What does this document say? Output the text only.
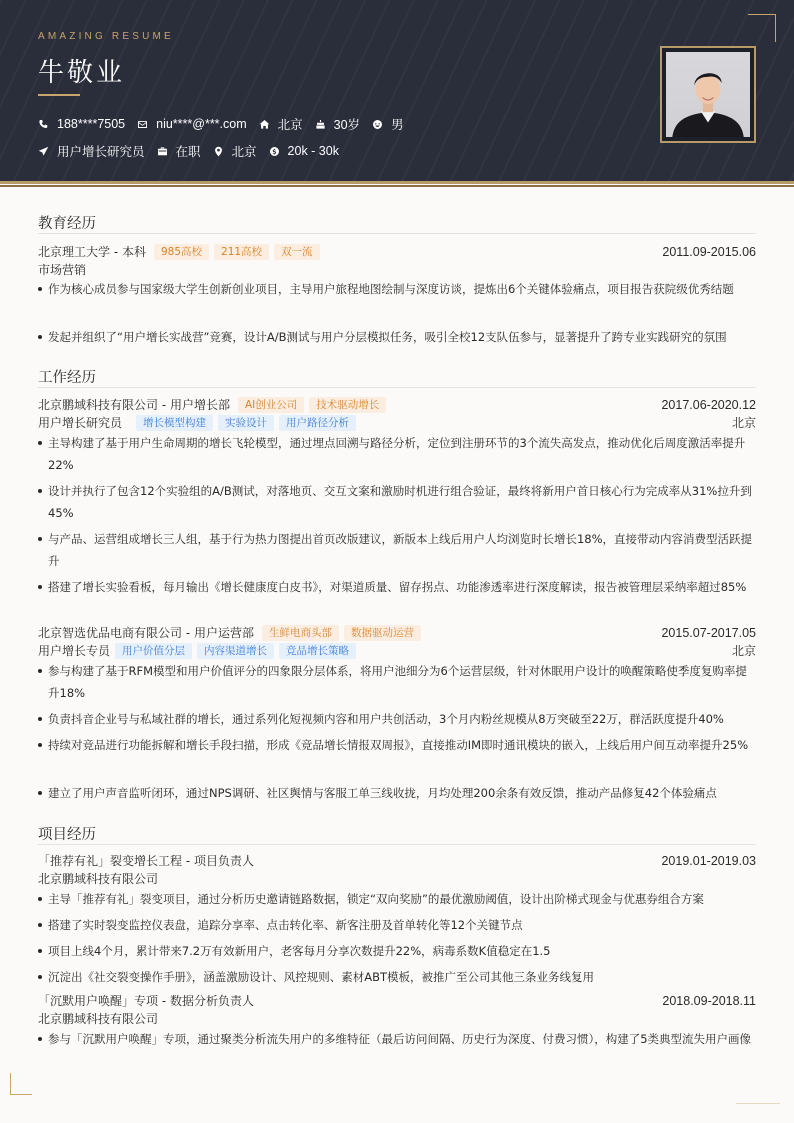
AMAZING RESUME
牛敬业
188****7505 niu****@***.com 北京 30岁 男
用户增长研究员 在职 北京 20k - 30k
教育经历
北京理工大学 - 本科	985高校	211高校	双一流	2011.09-2015.06
市场营销
作为核心成员参与国家级大学生创新创业项目，主导用户旅程地图绘制与深度访谈，提炼出6个关键体验痛点，项目报告获院级优秀结题
发起并组织了“用户增长实战营”竞赛，设计A/B测试与用户分层模拟任务，吸引全校12支队伍参与，显著提升了跨专业实践研究的氛围
工作经历
北京鹏域科技有限公司 - 用户增长部	AI创业公司	技术驱动增长	2017.06-2020.12
用户增长研究员	增长模型构建	实验设计	用户路径分析	北京
主导构建了基于用户生命周期的增长飞轮模型，通过埋点回溯与路径分析，定位到注册环节的3个流失高发点，推动优化后周度激活率提升22%
设计并执行了包含12个实验组的A/B测试，对落地页、交互文案和激励时机进行组合验证，最终将新用户首日核心行为完成率从31%拉升到45%
与产品、运营组成增长三人组，基于行为热力图提出首页改版建议，新版本上线后用户人均浏览时长增长18%，直接带动内容消费型活跃提升
搭建了增长实验看板，每月输出《增长健康度白皮书》，对渠道质量、留存拐点、功能渗透率进行深度解读，报告被管理层采纳率超过85%
北京智选优品电商有限公司 - 用户运营部	生鲜电商头部	数据驱动运营	2015.07-2017.05
用户增长专员	用户价值分层	内容渠道增长	竞品增长策略	北京
参与构建了基于RFM模型和用户价值评分的四象限分层体系，将用户池细分为6个运营层级，针对休眠用户设计的唤醒策略使季度复购率提升18%
负责抖音企业号与私域社群的增长，通过系列化短视频内容和用户共创活动，3个月内粉丝规模从8万突破至22万，群活跃度提升40%
持续对竞品进行功能拆解和增长手段扫描，形成《竞品增长情报双周报》，直接推动IM即时通讯模块的嵌入，上线后用户间互动率提升25%
建立了用户声音监听闭环，通过NPS调研、社区舆情与客服工单三线收拢，月均处理200余条有效反馈，推动产品修复42个体验痛点
项目经历
「推荐有礼」裂变增长工程 - 项目负责人	2019.01-2019.03
北京鹏域科技有限公司
主导「推荐有礼」裂变项目，通过分析历史邀请链路数据，锁定“双向奖励”的最优激励阈值，设计出阶梯式现金与优惠券组合方案
搭建了实时裂变监控仪表盘，追踪分享率、点击转化率、新客注册及首单转化等12个关键节点
项目上线4个月，累计带来7.2万有效新用户，老客每月分享次数提升22%，病毒系数K值稳定在1.5
沉淀出《社交裂变操作手册》，涵盖激励设计、风控规则、素材ABT模板，被推广至公司其他三条业务线复用
「沉默用户唤醒」专项 - 数据分析负责人	2018.09-2018.11
北京鹏域科技有限公司
参与「沉默用户唤醒」专项，通过聚类分析流失用户的多维特征（最后访问间隔、历史行为深度、付费习惯），构建了5类典型流失用户画像
